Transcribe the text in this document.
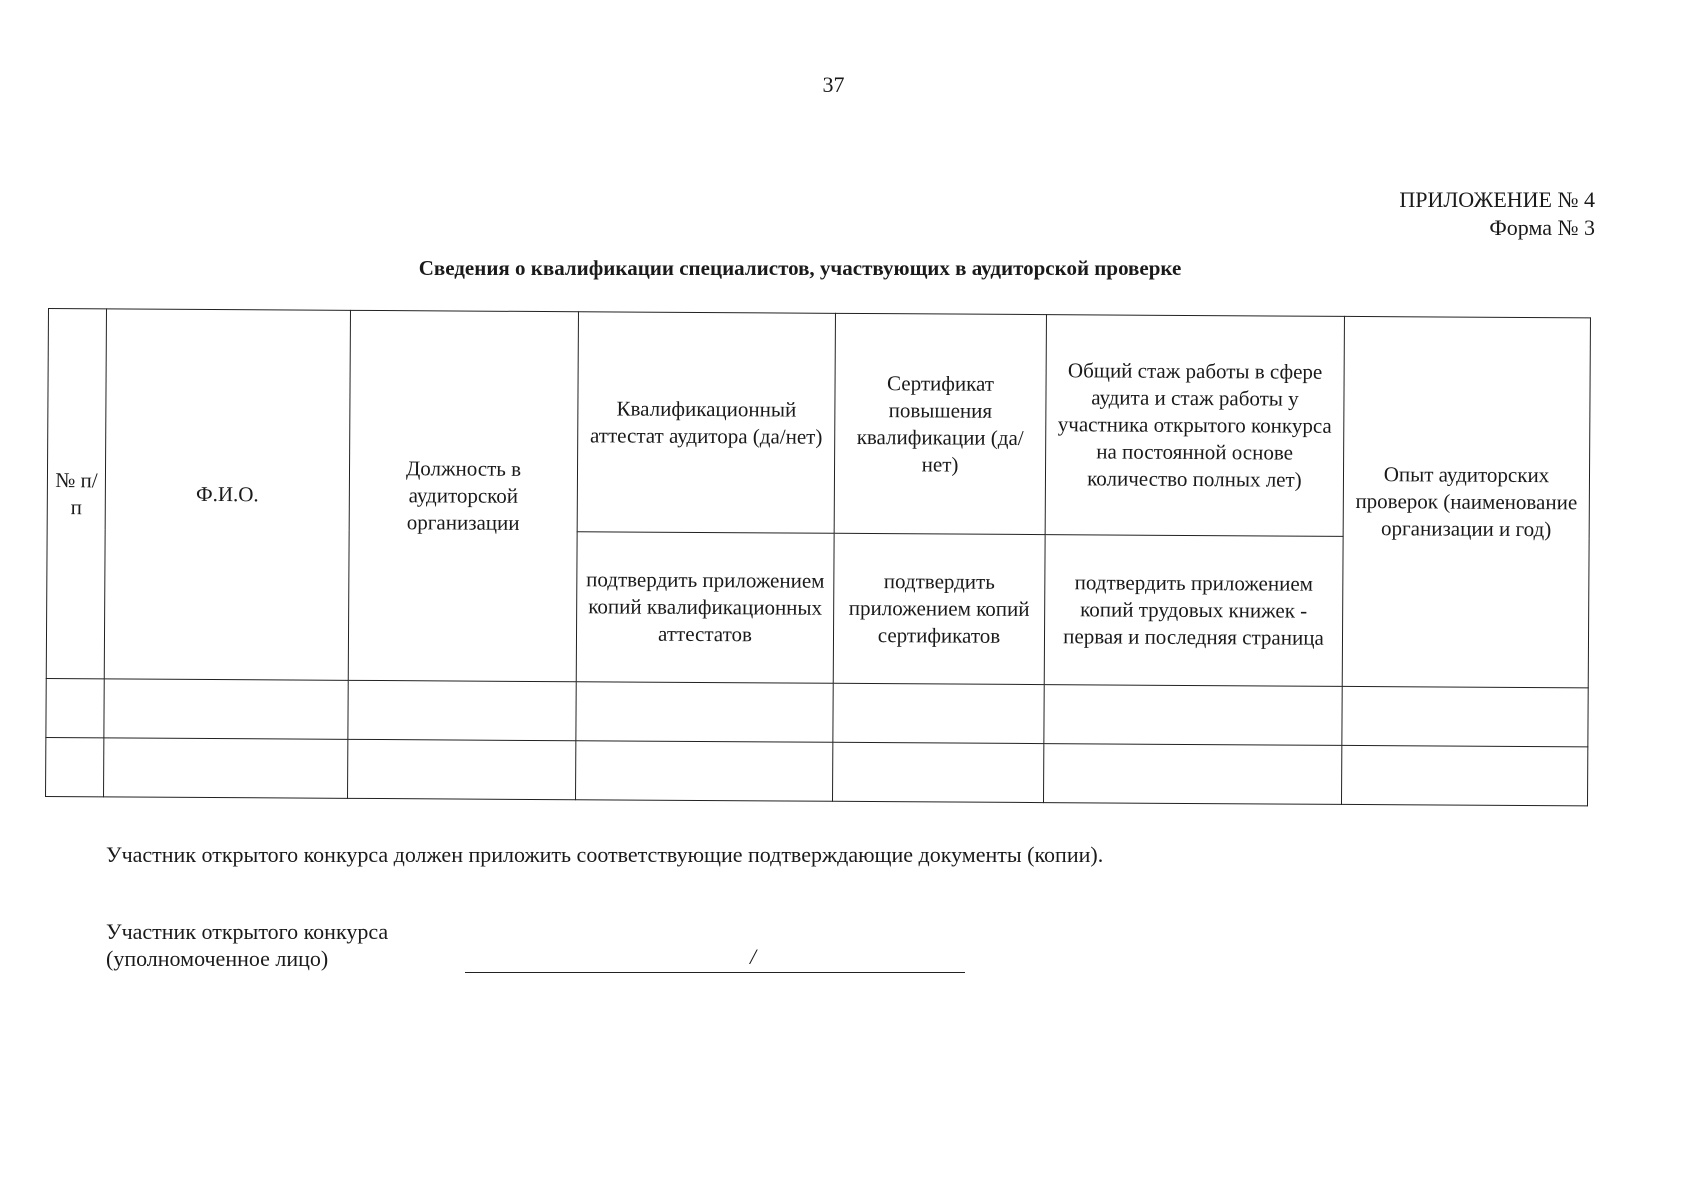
37
ПРИЛОЖЕНИЕ № 4
Форма № 3
Сведения о квалификации специалистов, участвующих в аудиторской проверке
№ п/п	Ф.И.О.	Должность в аудиторской организации	Квалификационный аттестат аудитора (да/нет)	Сертификат повышения квалификации (да/нет)	Общий стаж работы в сфере аудита и стаж работы у участника открытого конкурса на постоянной основе количество полных лет)	Опыт аудиторских проверок (наименование организации и год)
			подтвердить приложением копий квалификационных аттестатов	подтвердить приложением копий сертификатов	подтвердить приложением копий трудовых книжек - первая и последняя страница	

Участник открытого конкурса должен приложить соответствующие подтверждающие документы (копии).
Участник открытого конкурса
(уполномоченное лицо)	/
